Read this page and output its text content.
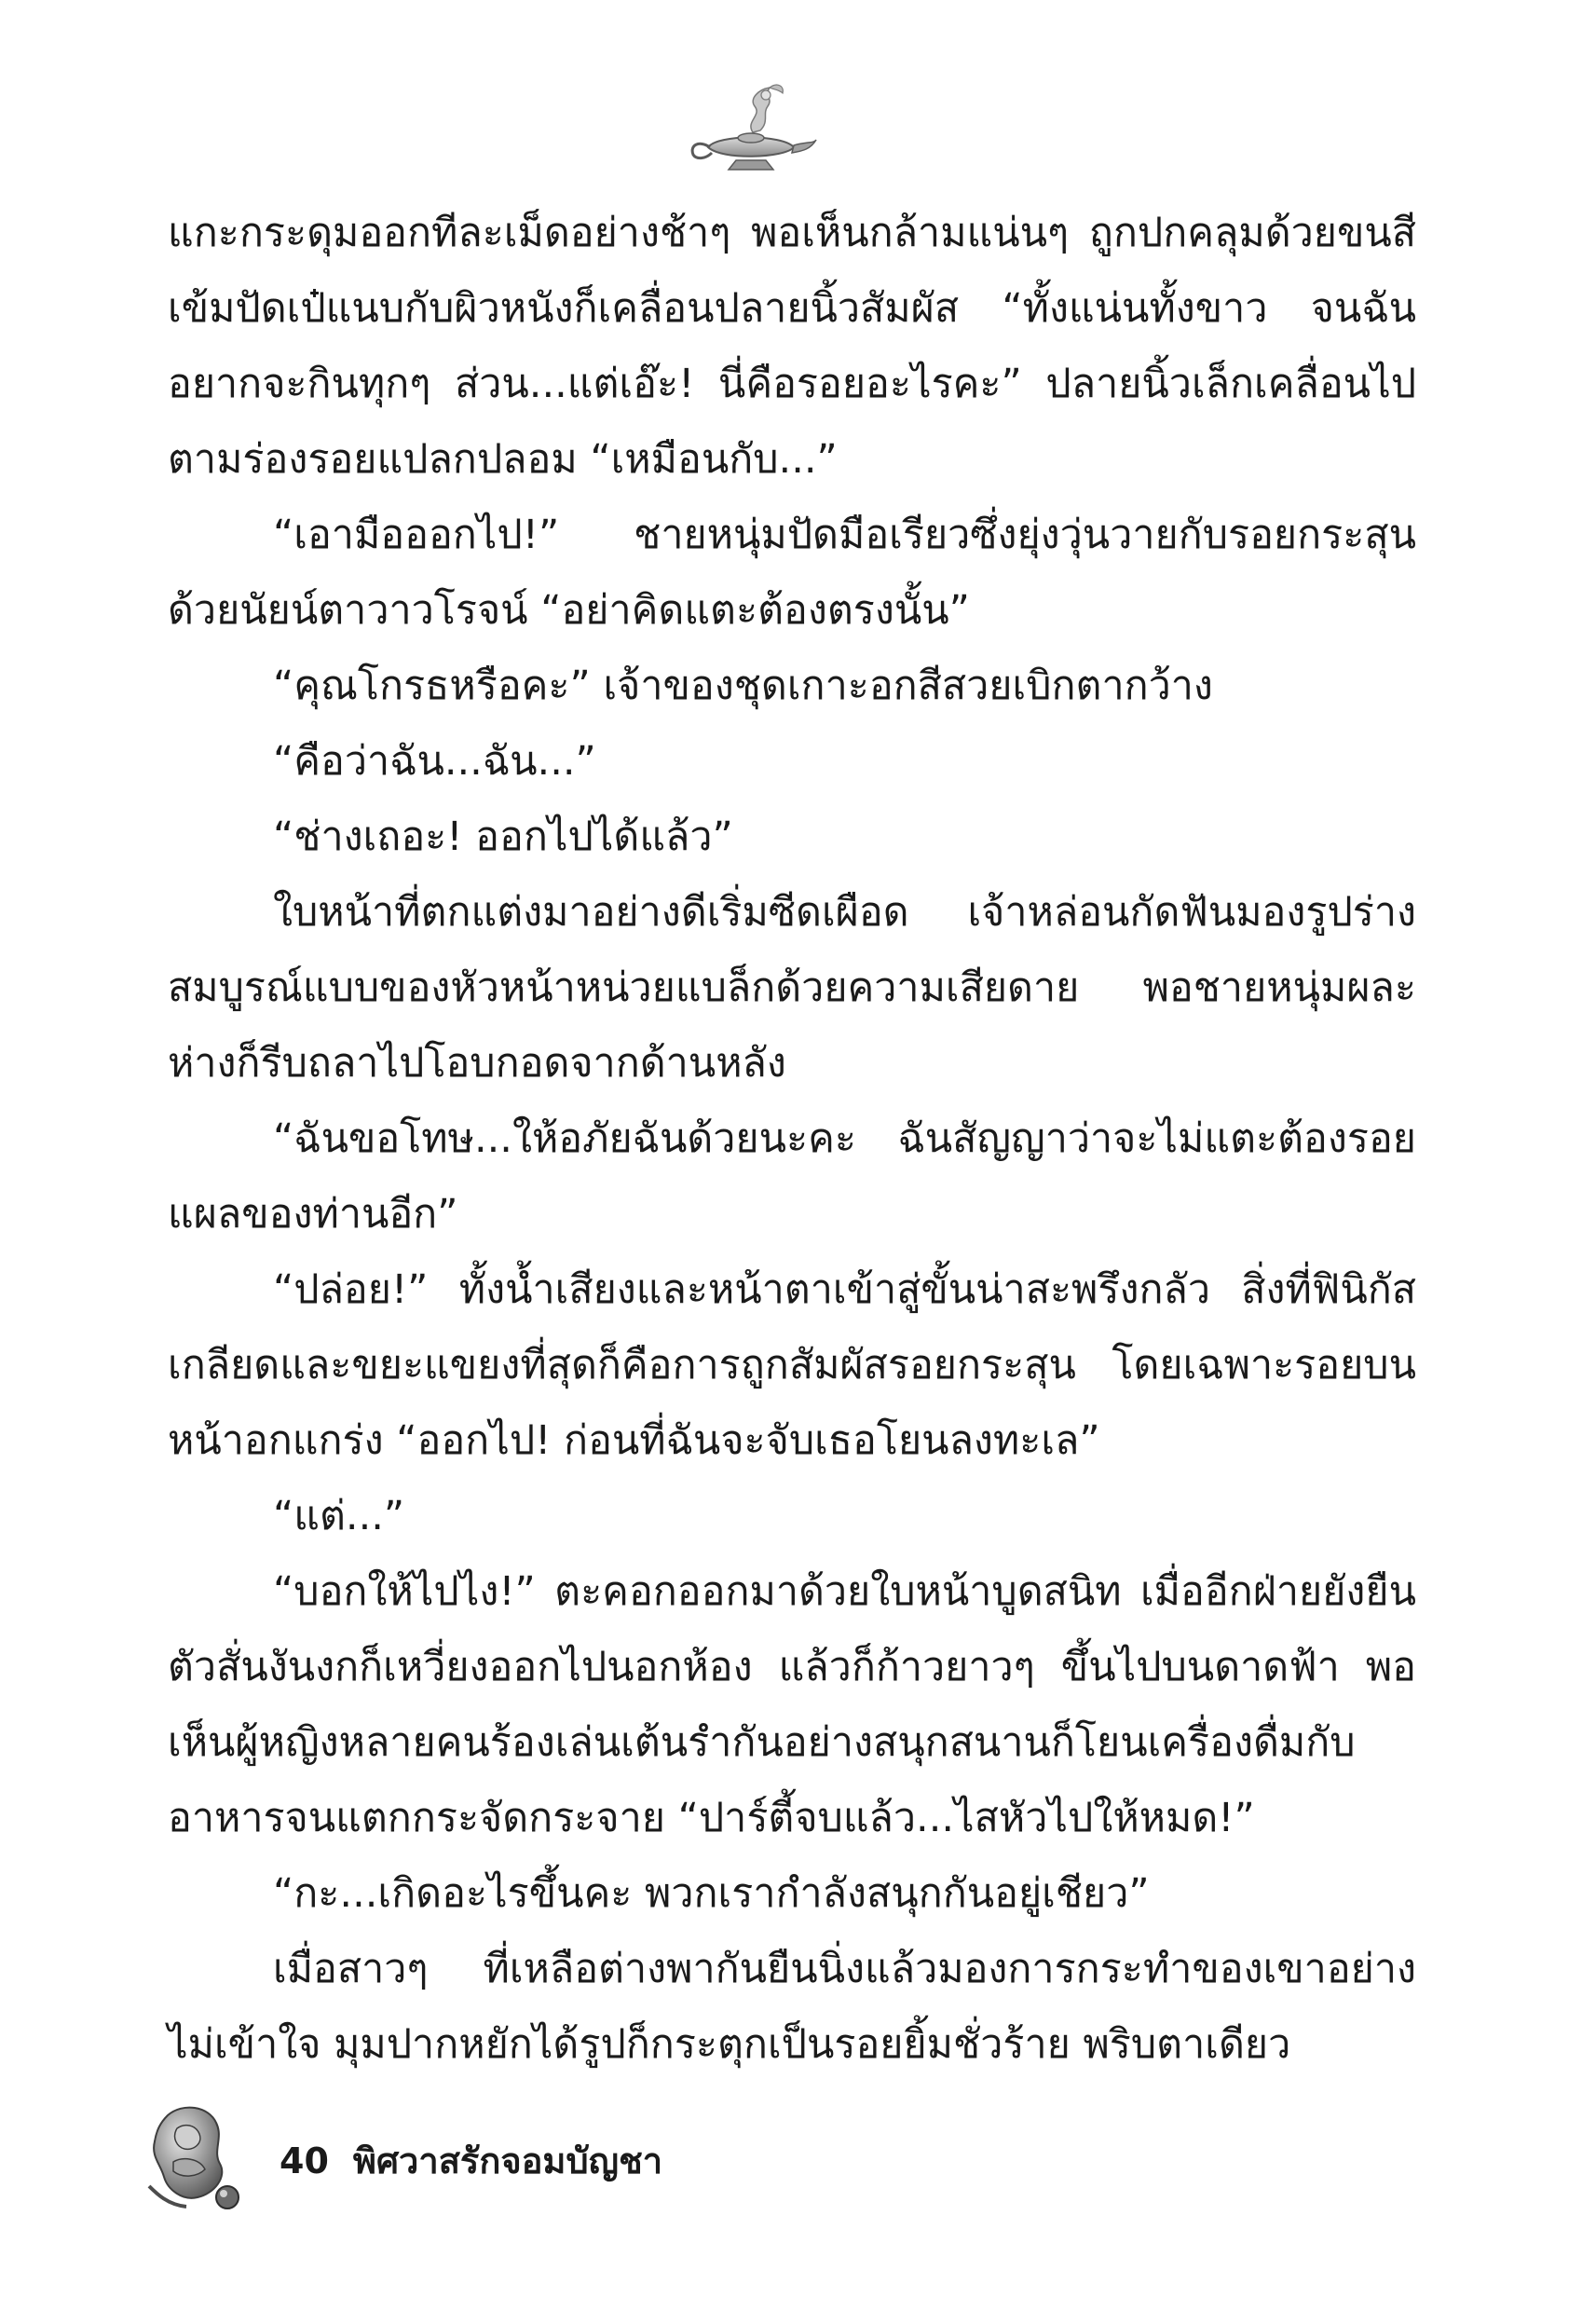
แกะกระดุมออกทีละเม็ดอย่างช้าๆ พอเห็นกล้ามแน่นๆ ถูกปกคลุมด้วยขนสีเข้มปัดเป๋แนบกับผิวหนังก็เคลื่อนปลายนิ้วสัมผัส “ทั้งแน่นทั้งขาว จนฉันอยากจะกินทุกๆ ส่วน...แต่เอ๊ะ! นี่คือรอยอะไรคะ” ปลายนิ้วเล็กเคลื่อนไปตามร่องรอยแปลกปลอม “เหมือนกับ...”

“เอามือออกไป!” ชายหนุ่มปัดมือเรียวซึ่งยุ่งวุ่นวายกับรอยกระสุนด้วยนัยน์ตาวาวโรจน์ “อย่าคิดแตะต้องตรงนั้น”

“คุณโกรธหรือคะ” เจ้าของชุดเกาะอกสีสวยเบิกตากว้าง

“คือว่าฉัน...ฉัน...”

“ช่างเถอะ! ออกไปได้แล้ว”

ใบหน้าที่ตกแต่งมาอย่างดีเริ่มซีดเผือด เจ้าหล่อนกัดฟันมองรูปร่างสมบูรณ์แบบของหัวหน้าหน่วยแบล็กด้วยความเสียดาย พอชายหนุ่มผละห่างก็รีบถลาไปโอบกอดจากด้านหลัง

“ฉันขอโทษ...ให้อภัยฉันด้วยนะคะ ฉันสัญญาว่าจะไม่แตะต้องรอยแผลของท่านอีก”

“ปล่อย!” ทั้งน้ำเสียงและหน้าตาเข้าสู่ขั้นน่าสะพรึงกลัว สิ่งที่ฟินิกัสเกลียดและขยะแขยงที่สุดก็คือการถูกสัมผัสรอยกระสุน โดยเฉพาะรอยบนหน้าอกแกร่ง “ออกไป! ก่อนที่ฉันจะจับเธอโยนลงทะเล”

“แต่...”

“บอกให้ไปไง!” ตะคอกออกมาด้วยใบหน้าบูดสนิท เมื่ออีกฝ่ายยังยืนตัวสั่นงันงกก็เหวี่ยงออกไปนอกห้อง แล้วก็ก้าวยาวๆ ขึ้นไปบนดาดฟ้า พอเห็นผู้หญิงหลายคนร้องเล่นเต้นรำกันอย่างสนุกสนานก็โยนเครื่องดื่มกับอาหารจนแตกกระจัดกระจาย “ปาร์ตี้จบแล้ว...ไสหัวไปให้หมด!”

“กะ...เกิดอะไรขึ้นคะ พวกเรากำลังสนุกกันอยู่เชียว”

เมื่อสาวๆ ที่เหลือต่างพากันยืนนิ่งแล้วมองการกระทำของเขาอย่างไม่เข้าใจ มุมปากหยักได้รูปก็กระตุกเป็นรอยยิ้มชั่วร้าย พริบตาเดียว

40 พิศวาสรักจอมบัญชา
